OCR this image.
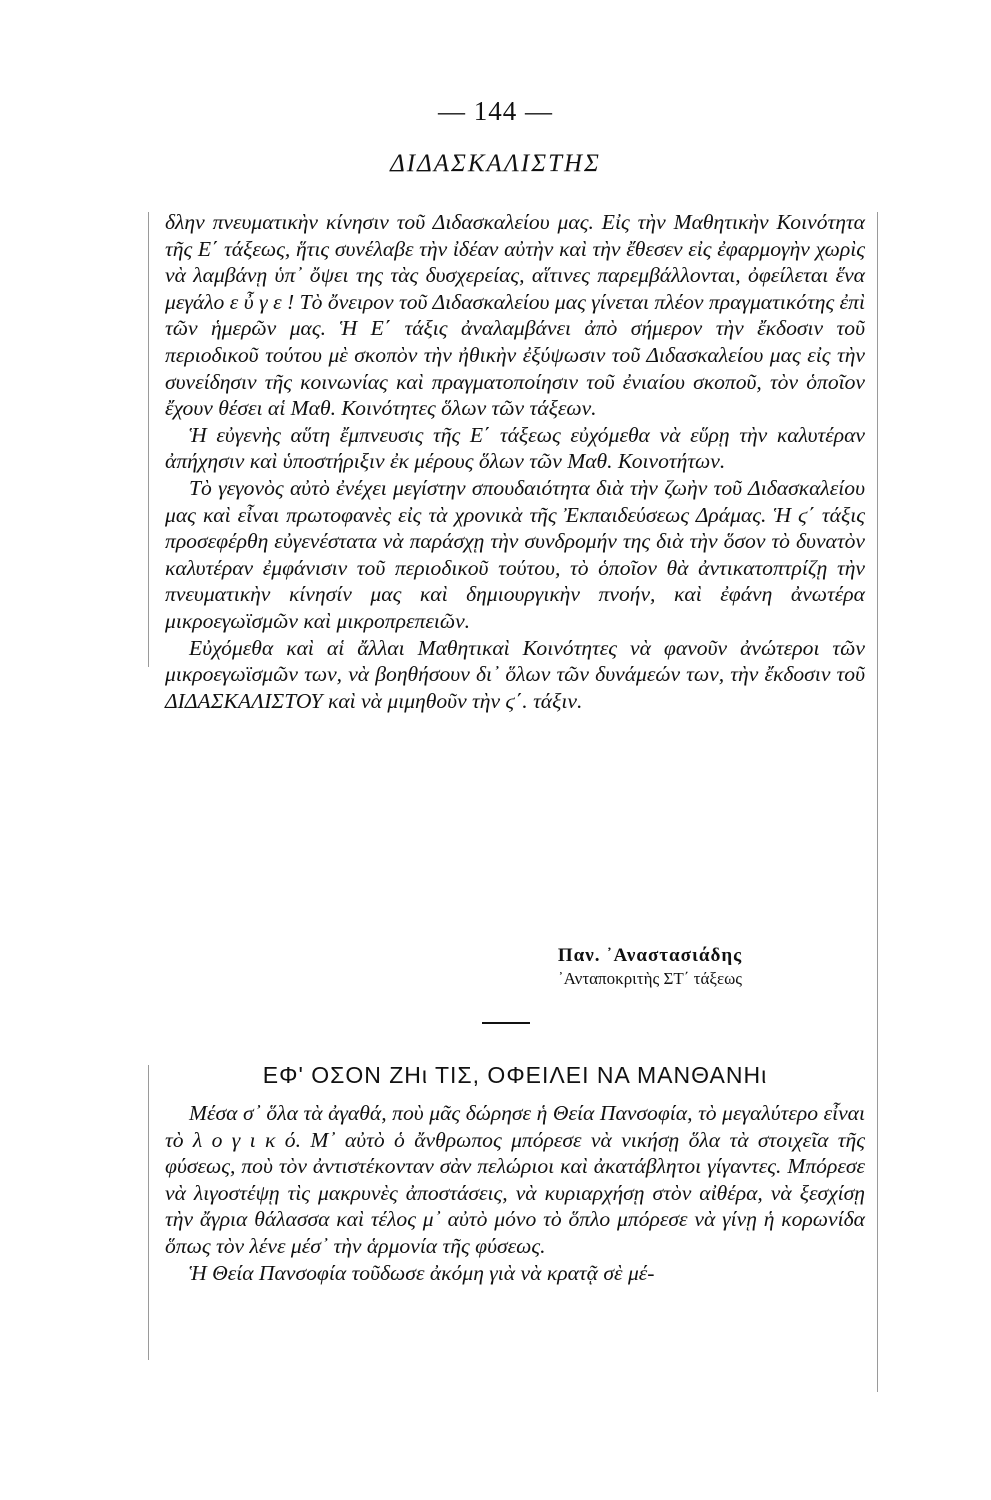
— 144 —
ΔΙΔΑΣΚΑΛΙΣΤΗΣ

δλην πνευματικὴν κίνησιν τοῦ Διδασκαλείου μας. Εἰς τὴν Μαθητικὴν Κοινότητα τῆς Ε΄ τάξεως, ἥτις συνέλαβε τὴν ἰδέαν αὐτὴν καὶ τὴν ἔθεσεν εἰς ἐφαρμογὴν χωρὶς νὰ λαμβάνῃ ὑπ᾽ ὄψει της τὰς δυσχερείας, αἵτινες παρεμβάλλονται, ὀφείλεται ἕνα μεγάλο ε ὖ γ ε ! Τὸ ὄνειρον τοῦ Διδασκαλείου μας γίνεται πλέον πραγματικότης ἐπὶ τῶν ἡμερῶν μας. Ἡ Ε΄ τάξις ἀναλαμβάνει ἀπὸ σήμερον τὴν ἔκδοσιν τοῦ περιοδικοῦ τούτου μὲ σκοπὸν τὴν ἠθικὴν ἐξύψωσιν τοῦ Διδασκαλείου μας εἰς τὴν συνείδησιν τῆς κοινωνίας καὶ πραγματοποίησιν τοῦ ἐνιαίου σκοποῦ, τὸν ὁποῖον ἔχουν θέσει αἱ Μαθ. Κοινότητες ὅλων τῶν τάξεων.

Ἡ εὐγενὴς αὕτη ἔμπνευσις τῆς Ε΄ τάξεως εὐχόμεθα νὰ εὕρῃ τὴν καλυτέραν ἀπήχησιν καὶ ὑποστήριξιν ἐκ μέρους ὅλων τῶν Μαθ. Κοινοτήτων.

Τὸ γεγονὸς αὐτὸ ἐνέχει μεγίστην σπουδαιότητα διὰ τὴν ζωὴν τοῦ Διδασκαλείου μας καὶ εἶναι πρωτοφανὲς εἰς τὰ χρονικὰ τῆς Ἐκπαιδεύσεως Δράμας. Ἡ ϛ΄ τάξις προσεφέρθη εὐγενέστατα νὰ παράσχῃ τὴν συνδρομήν της διὰ τὴν ὅσον τὸ δυνατὸν καλυτέραν ἐμφάνισιν τοῦ περιοδικοῦ τούτου, τὸ ὁποῖον θὰ ἀντικατοπτρίζῃ τὴν πνευματικὴν κίνησίν μας καὶ δημιουργικὴν πνοήν, καὶ ἐφάνη ἀνωτέρα μικροεγωϊσμῶν καὶ μικροπρεπειῶν.

Εὐχόμεθα καὶ αἱ ἄλλαι Μαθητικαὶ Κοινότητες νὰ φανοῦν ἀνώτεροι τῶν μικροεγωϊσμῶν των, νὰ βοηθήσουν δι᾽ ὅλων τῶν δυνάμεών των, τὴν ἔκδοσιν τοῦ ΔΙΔΑΣΚΑΛΙΣΤΟΥ καὶ νὰ μιμηθοῦν τὴν ϛ΄. τάξιν.

Παν. ᾽Αναστασιάδης
᾽Ανταποκριτὴς ΣΤ΄ τάξεως
ΕΦ' ΟΣΟΝ ΖΗι ΤΙΣ, ΟΦΕΙΛΕΙ ΝΑ ΜΑΝΘΑΝΗι

Μέσα σ᾽ ὅλα τὰ ἀγαθά, ποὺ μᾶς δώρησε ἡ Θεία Πανσοφία, τὸ μεγαλύτερο εἶναι τὸ λ ο γ ι κ ό. Μ᾽ αὐτὸ ὁ ἄνθρωπος μπόρεσε νὰ νικήσῃ ὅλα τὰ στοιχεῖα τῆς φύσεως, ποὺ τὸν ἀντιστέκονταν σὰν πελώριοι καὶ ἀκατάβλητοι γίγαντες. Μπόρεσε νὰ λιγοστέψῃ τὶς μακρυνὲς ἀποστάσεις, νὰ κυριαρχήσῃ στὸν αἰθέρα, νὰ ξεσχίσῃ τὴν ἄγρια θάλασσα καὶ τέλος μ᾽ αὐτὸ μόνο τὸ ὅπλο μπόρεσε νὰ γίνῃ ἡ κορωνίδα ὅπως τὸν λένε μέσ᾽ τὴν ἁρμονία τῆς φύσεως.

Ἡ Θεία Πανσοφία τοῦδωσε ἀκόμη γιὰ νὰ κρατᾷ σὲ μέ-
